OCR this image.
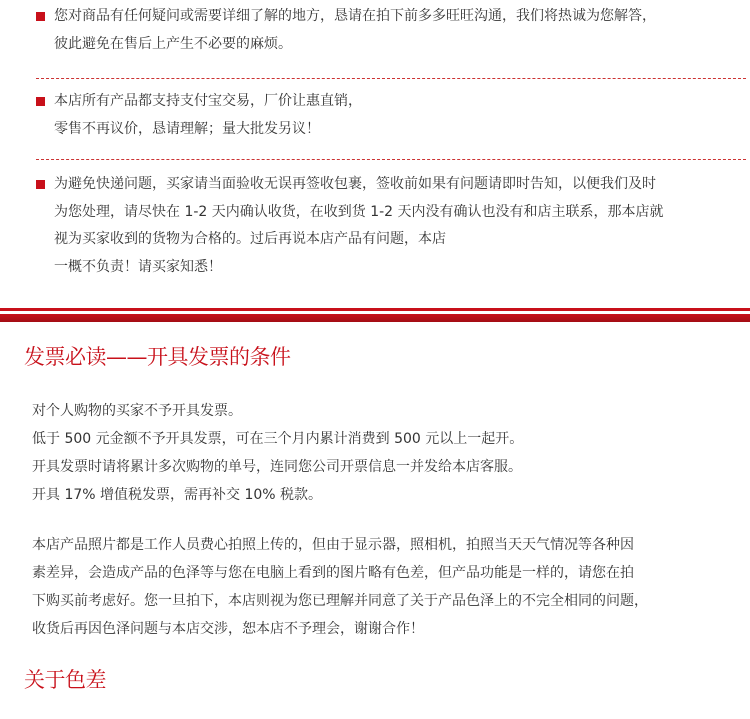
您对商品有任何疑问或需要详细了解的地方，恳请在拍下前多多旺旺沟通，我们将热诚为您解答，
彼此避免在售后上产生不必要的麻烦。
本店所有产品都支持支付宝交易，厂价让惠直销，
零售不再议价，恳请理解；量大批发另议！
为避免快递问题，买家请当面验收无误再签收包裹，签收前如果有问题请即时告知，以便我们及时
为您处理，请尽快在 1-2 天内确认收货，在收到货 1-2 天内没有确认也没有和店主联系，那本店就
视为买家收到的货物为合格的。过后再说本店产品有问题，本店
一概不负责！请买家知悉！
发票必读——开具发票的条件
对个人购物的买家不予开具发票。
低于 500 元金额不予开具发票，可在三个月内累计消费到 500 元以上一起开。
开具发票时请将累计多次购物的单号，连同您公司开票信息一并发给本店客服。
开具 17% 增值税发票，需再补交 10% 税款。
本店产品照片都是工作人员费心拍照上传的，但由于显示器，照相机，拍照当天天气情况等各种因
素差异，会造成产品的色泽等与您在电脑上看到的图片略有色差，但产品功能是一样的，请您在拍
下购买前考虑好。您一旦拍下，本店则视为您已理解并同意了关于产品色泽上的不完全相同的问题，
收货后再因色泽问题与本店交涉，恕本店不予理会，谢谢合作！
关于色差
